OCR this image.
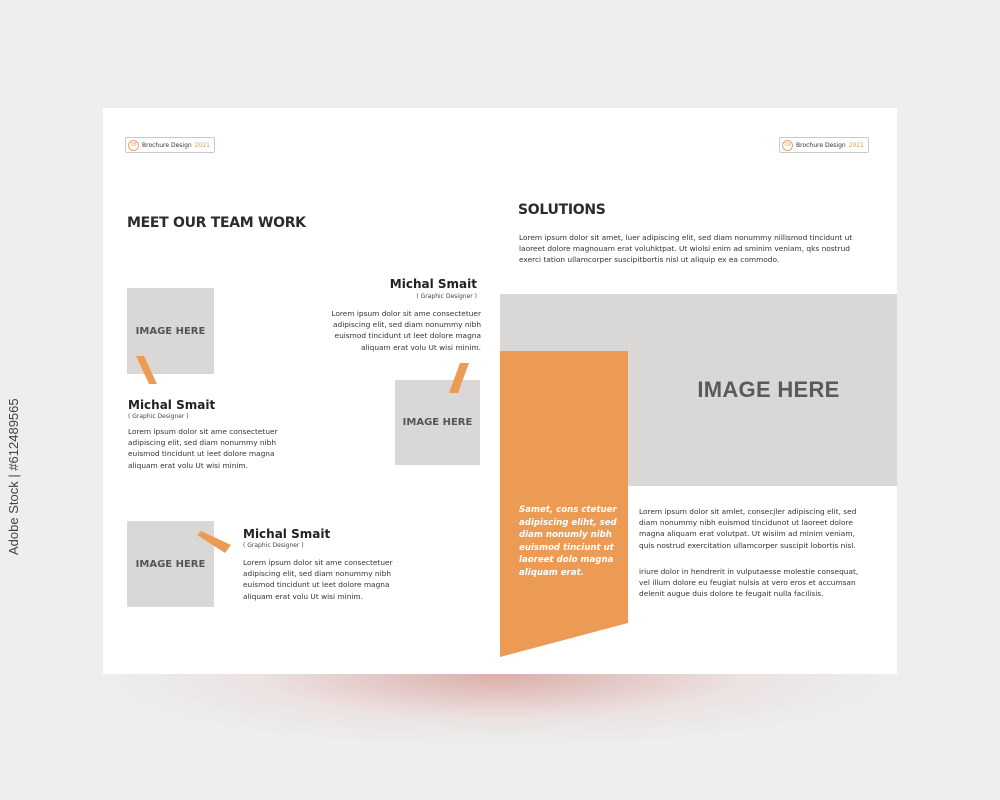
08 Brochure Design 2021	09 Brochure Design 2021
MEET OUR TEAM WORK
IMAGE HERE
Michal Smait
( Graphic Designer )
Lorem ipsum dolor sit ame consectetuer
adipiscing elit, sed diam nonummy nibh
euismod tincidunt ut leet dolore magna
aliquam erat volu Ut wisi minim.
Michal Smait
( Graphic Designer )
Lorem ipsum dolor sit ame consectetuer
adipiscing elit, sed diam nonummy nibh
euismod tincidunt ut leet dolore magna
aliquam erat volu Ut wisi minim.
IMAGE HERE
IMAGE HERE
Michal Smait
( Graphic Designer )
Lorem ipsum dolor sit ame consectetuer
adipiscing elit, sed diam nonummy nibh
euismod tincidunt ut leet dolore magna
aliquam erat volu Ut wisi minim.
SOLUTIONS
Lorem ipsum dolor sit amet, luer adipiscing elit, sed diam nonummy nillismod tincidunt ut
laoreet dolore magnouam erat voluhktpat. Ut wiolsi enim ad sminim veniam, qks nostrud
exerci tation ullamcorper suscipitbortis nisl ut aliquip ex ea commodo.
IMAGE HERE
Samet, cons ctetuer
adipiscing eliht, sed
diam nonumly nibh
euismod tinciunt ut
laoreet dolo magna
aliquam erat.
Lorem ipsum dolor sit amlet, consecjler adipiscing elit, sed
diam nonummy nibh euismod tincidunot ut laoreet dolore
magna aliquam erat volutpat. Ut wisiim ad minim veniam,
quis nostrud exercitation ullamcorper suscipit lobortis nisl.
iriure dolor in hendrerit in vulputaesse molestie consequat,
vel illum dolore eu feugiat nulsis at vero eros et accumsan
delenit augue duis dolore te feugait nulla facilisis.
Adobe Stock | #612489565
